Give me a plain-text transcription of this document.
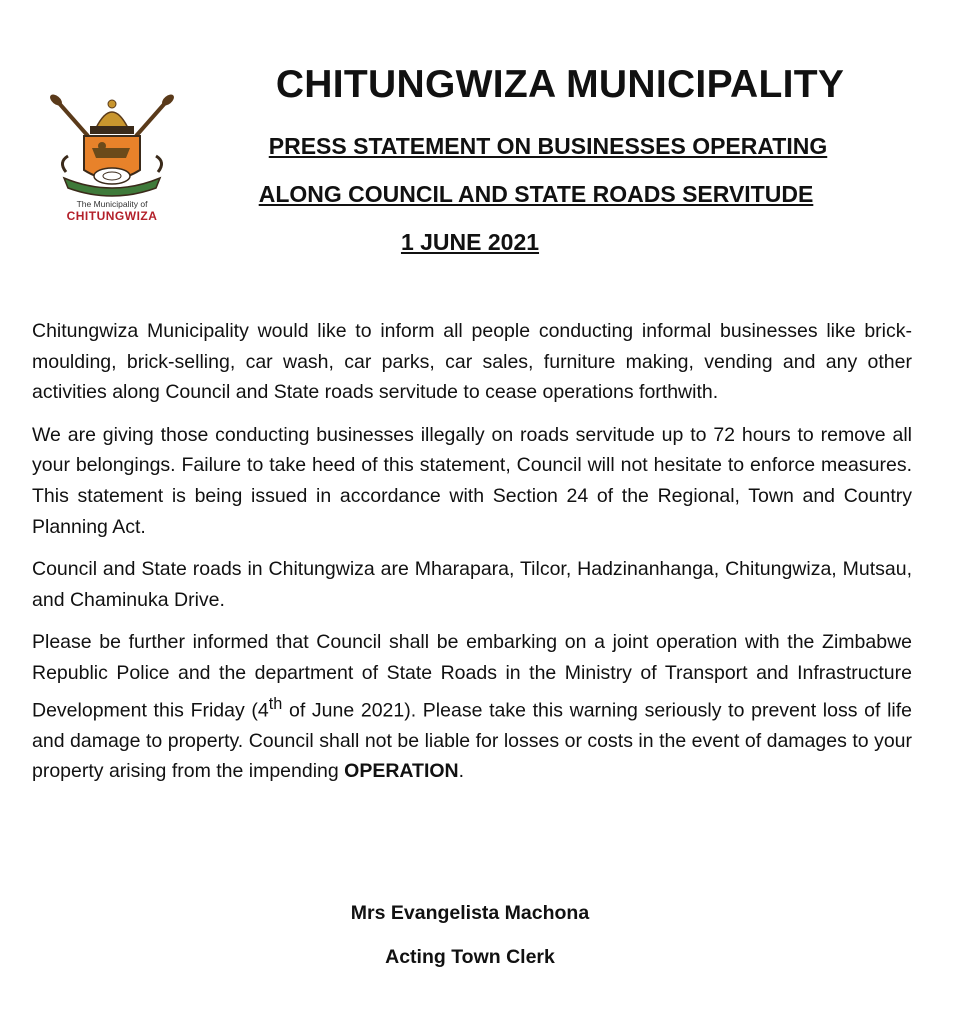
The Municipality of
CHITUNGWIZA
CHITUNGWIZA MUNICIPALITY
PRESS STATEMENT ON BUSINESSES OPERATING
ALONG COUNCIL AND STATE ROADS SERVITUDE
1 JUNE 2021

Chitungwiza Municipality would like to inform all people conducting informal businesses like brick- moulding, brick-selling, car wash, car parks, car sales, furniture making, vending and any other activities along Council and State roads servitude to cease operations forthwith.

We are giving those conducting businesses illegally on roads servitude up to 72 hours to remove all your belongings. Failure to take heed of this statement, Council will not hesitate to enforce measures. This statement is being issued in accordance with Section 24 of the Regional, Town and Country Planning Act.

Council and State roads in Chitungwiza are Mharapara, Tilcor, Hadzinanhanga, Chitungwiza, Mutsau, and Chaminuka Drive.

Please be further informed that Council shall be embarking on a joint operation with the Zimbabwe Republic Police and the department of State Roads in the Ministry of Transport and Infrastructure Development this Friday (4th of June 2021). Please take this warning seriously to prevent loss of life and damage to property. Council shall not be liable for losses or costs in the event of damages to your property arising from the impending OPERATION.

Mrs Evangelista Machona
Acting Town Clerk
